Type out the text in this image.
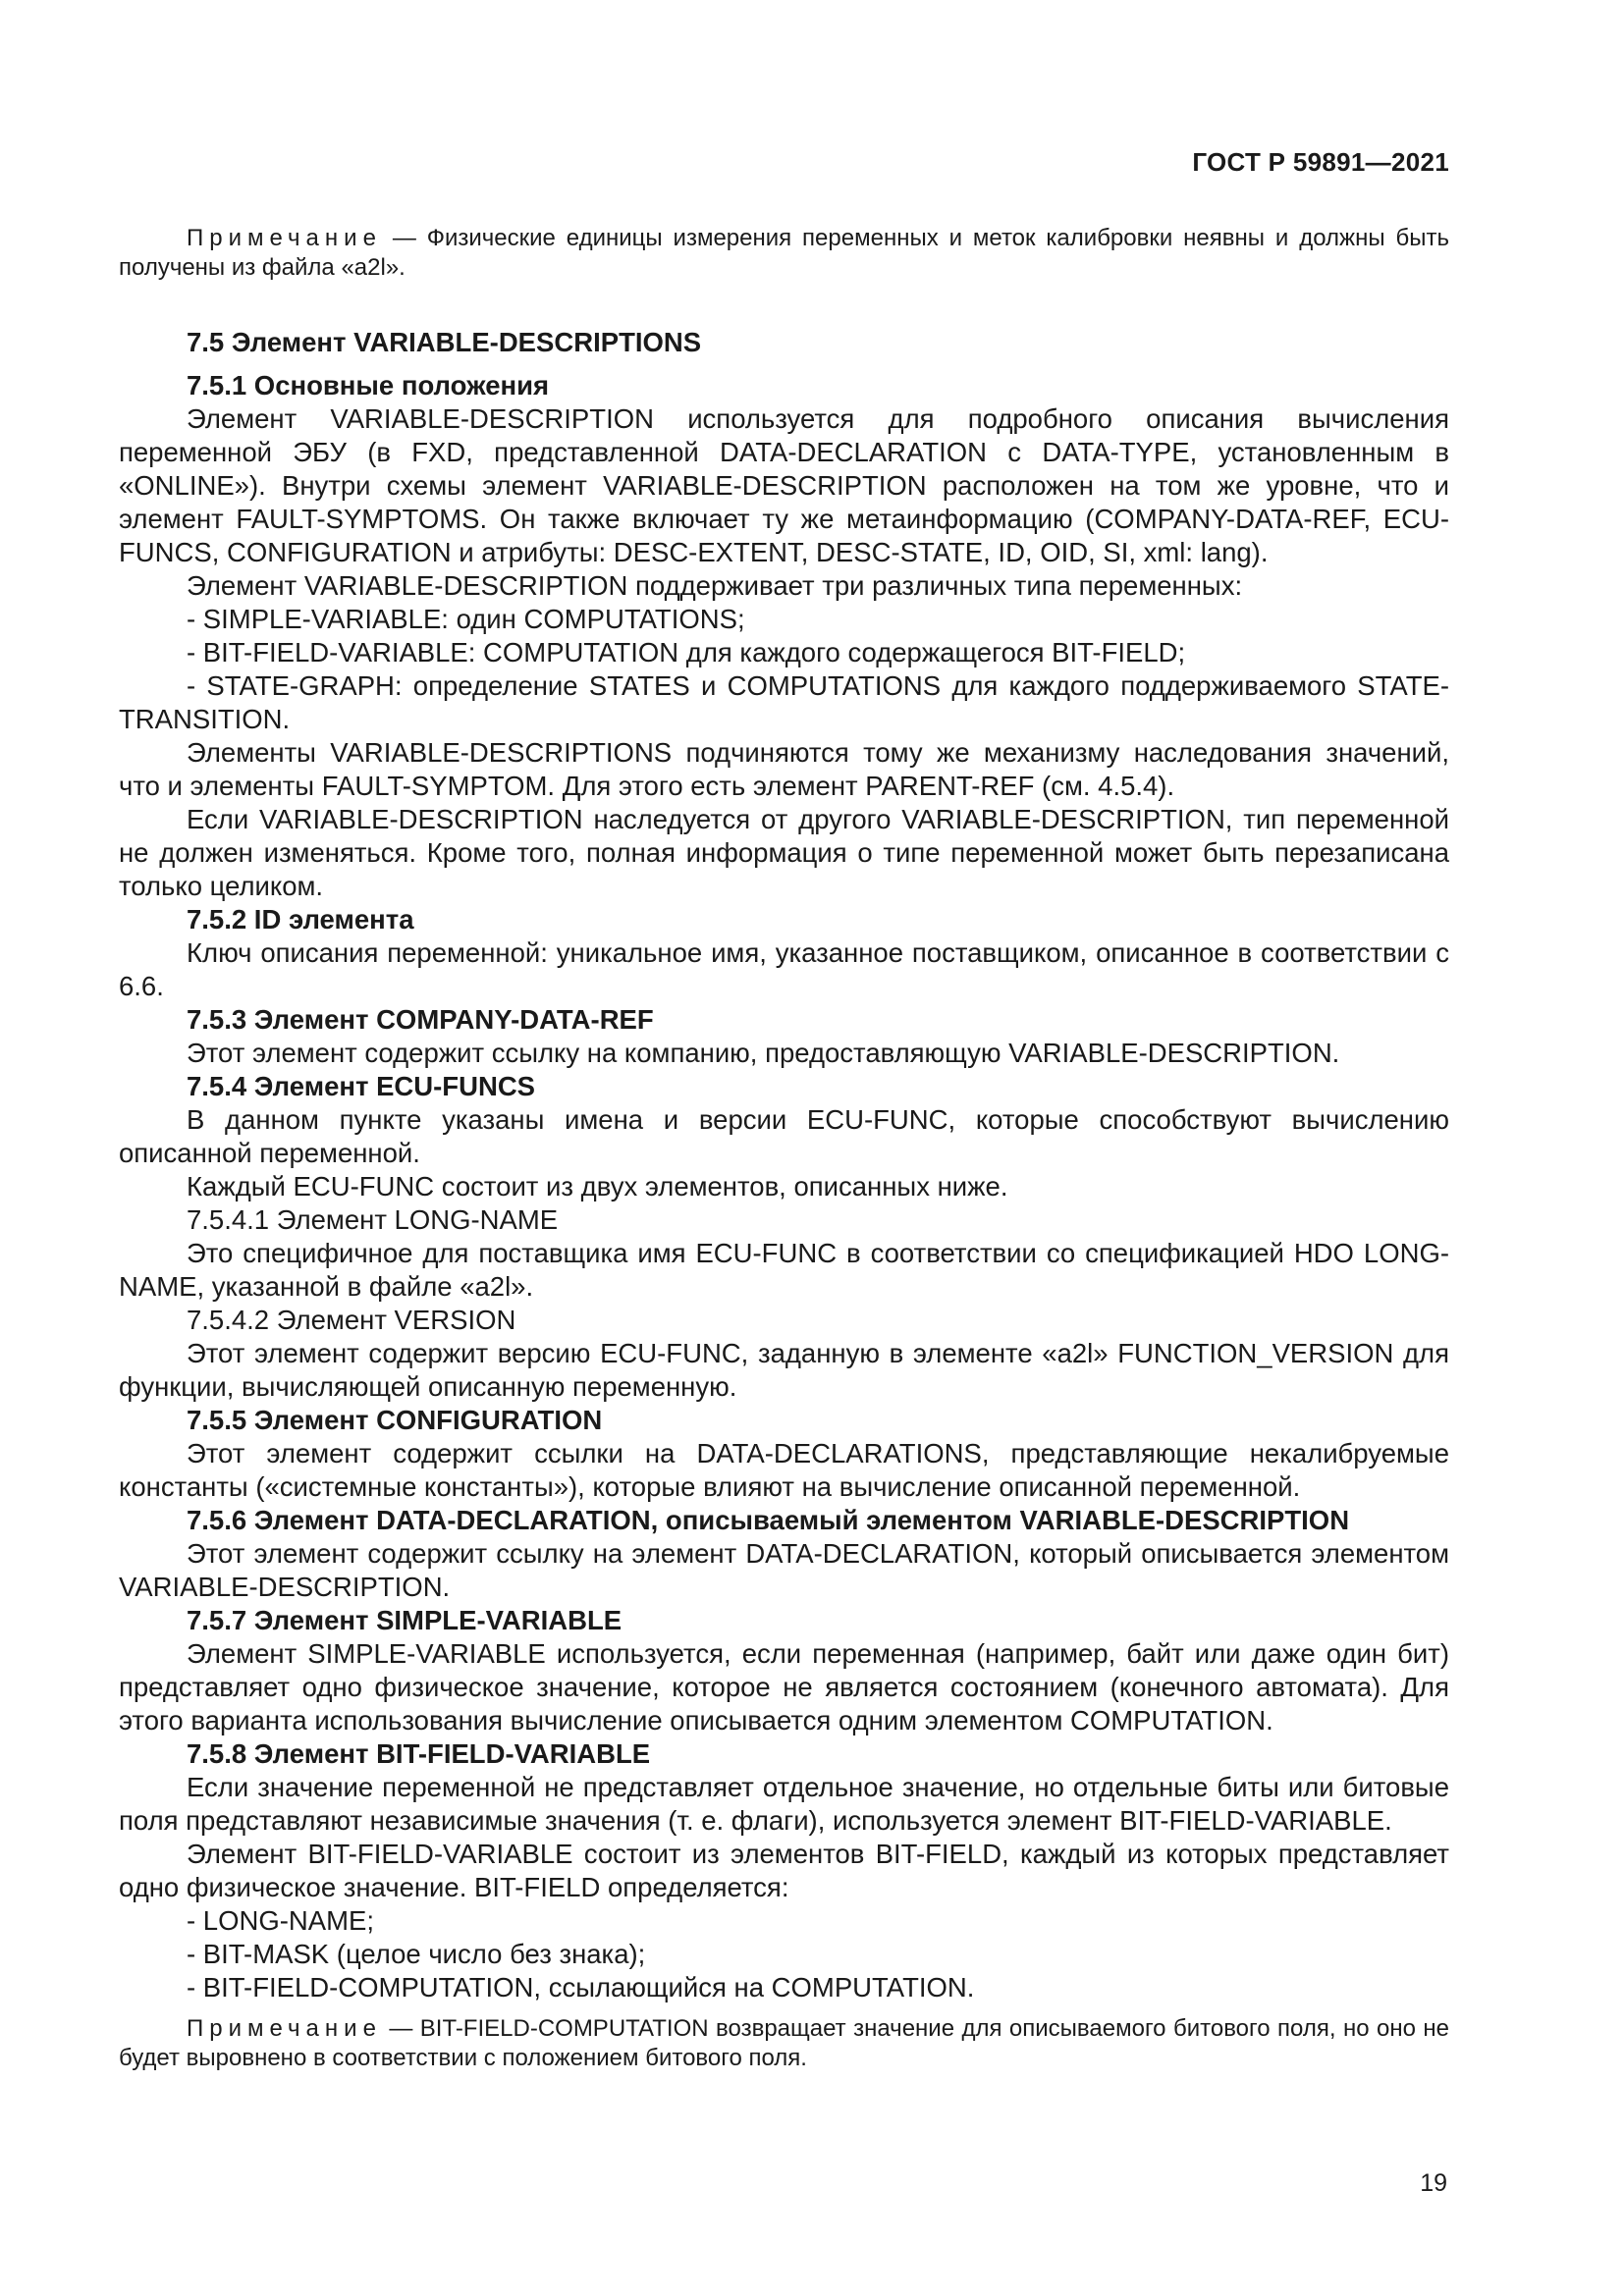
ГОСТ Р 59891—2021
Примечание — Физические единицы измерения переменных и меток калибровки неявны и должны быть получены из файла «a2l».
7.5 Элемент VARIABLE-DESCRIPTIONS
7.5.1 Основные положения

Элемент VARIABLE-DESCRIPTION используется для подробного описания вычисления переменной ЭБУ (в FXD, представленной DATA-DECLARATION с DATA-TYPE, установленным в «ONLINE»). Внутри схемы элемент VARIABLE-DESCRIPTION расположен на том же уровне, что и элемент FAULT-SYMPTOMS. Он также включает ту же метаинформацию (COMPANY-DATA-REF, ECU-FUNCS, CONFIGURATION и атрибуты: DESC-EXTENT, DESC-STATE, ID, OID, SI, xml: lang).

Элемент VARIABLE-DESCRIPTION поддерживает три различных типа переменных:

- SIMPLE-VARIABLE: один COMPUTATIONS;

- BIT-FIELD-VARIABLE: COMPUTATION для каждого содержащегося BIT-FIELD;

- STATE-GRAPH: определение STATES и COMPUTATIONS для каждого поддерживаемого STATE-TRANSITION.

Элементы VARIABLE-DESCRIPTIONS подчиняются тому же механизму наследования значений, что и элементы FAULT-SYMPTOM. Для этого есть элемент PARENT-REF (см. 4.5.4).

Если VARIABLE-DESCRIPTION наследуется от другого VARIABLE-DESCRIPTION, тип переменной не должен изменяться. Кроме того, полная информация о типе переменной может быть перезаписана только целиком.

7.5.2 ID элемента

Ключ описания переменной: уникальное имя, указанное поставщиком, описанное в соответствии с 6.6.

7.5.3 Элемент COMPANY-DATA-REF

Этот элемент содержит ссылку на компанию, предоставляющую VARIABLE-DESCRIPTION.

7.5.4 Элемент ECU-FUNCS

В данном пункте указаны имена и версии ECU-FUNC, которые способствуют вычислению описанной переменной.

Каждый ECU-FUNC состоит из двух элементов, описанных ниже.

7.5.4.1 Элемент LONG-NAME

Это специфичное для поставщика имя ECU-FUNC в соответствии со спецификацией HDO LONG-NAME, указанной в файле «a2l».

7.5.4.2 Элемент VERSION

Этот элемент содержит версию ECU-FUNC, заданную в элементе «a2l» FUNCTION_VERSION для функции, вычисляющей описанную переменную.

7.5.5 Элемент CONFIGURATION

Этот элемент содержит ссылки на DATA-DECLARATIONS, представляющие некалибруемые константы («системные константы»), которые влияют на вычисление описанной переменной.

7.5.6 Элемент DATA-DECLARATION, описываемый элементом VARIABLE-DESCRIPTION

Этот элемент содержит ссылку на элемент DATA-DECLARATION, который описывается элементом VARIABLE-DESCRIPTION.

7.5.7 Элемент SIMPLE-VARIABLE

Элемент SIMPLE-VARIABLE используется, если переменная (например, байт или даже один бит) представляет одно физическое значение, которое не является состоянием (конечного автомата). Для этого варианта использования вычисление описывается одним элементом COMPUTATION.

7.5.8 Элемент BIT-FIELD-VARIABLE

Если значение переменной не представляет отдельное значение, но отдельные биты или битовые поля представляют независимые значения (т. е. флаги), используется элемент BIT-FIELD-VARIABLE.

Элемент BIT-FIELD-VARIABLE состоит из элементов BIT-FIELD, каждый из которых представляет одно физическое значение. BIT-FIELD определяется:

- LONG-NAME;

- BIT-MASK (целое число без знака);

- BIT-FIELD-COMPUTATION, ссылающийся на COMPUTATION.

Примечание — BIT-FIELD-COMPUTATION возвращает значение для описываемого битового поля, но оно не будет выровнено в соответствии с положением битового поля.
19
